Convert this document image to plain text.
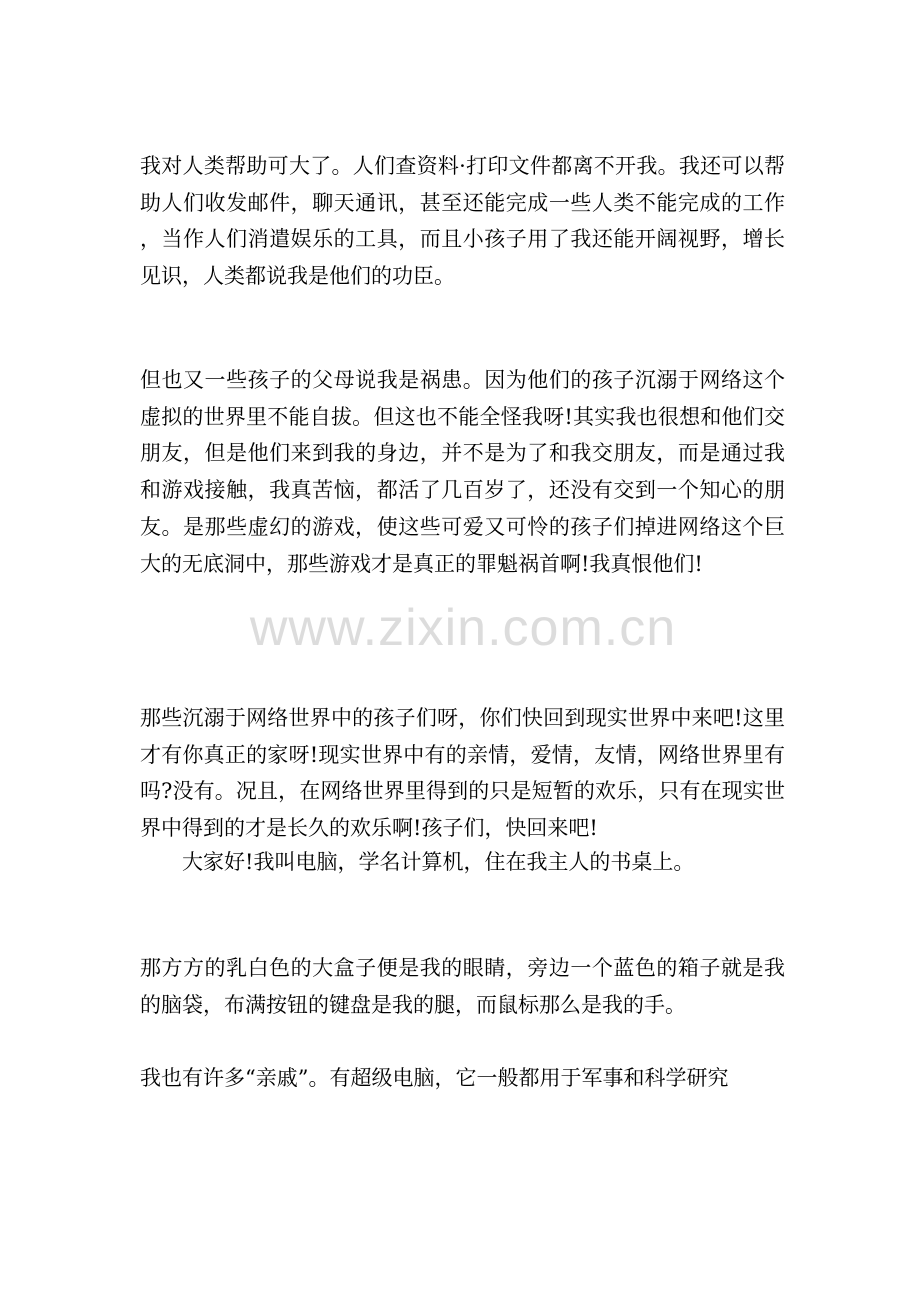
我对人类帮助可大了。人们查资料·打印文件都离不开我。我还可以帮助人们收发邮件，聊天通讯，甚至还能完成一些人类不能完成的工作，当作人们消遣娱乐的工具，而且小孩子用了我还能开阔视野，增长见识，人类都说我是他们的功臣。

但也又一些孩子的父母说我是祸患。因为他们的孩子沉溺于网络这个虚拟的世界里不能自拔。但这也不能全怪我呀!其实我也很想和他们交朋友，但是他们来到我的身边，并不是为了和我交朋友，而是通过我和游戏接触，我真苦恼，都活了几百岁了，还没有交到一个知心的朋友。是那些虚幻的游戏，使这些可爱又可怜的孩子们掉进网络这个巨大的无底洞中，那些游戏才是真正的罪魁祸首啊!我真恨他们!

那些沉溺于网络世界中的孩子们呀，你们快回到现实世界中来吧!这里才有你真正的家呀!现实世界中有的亲情，爱情，友情，网络世界里有吗?没有。况且，在网络世界里得到的只是短暂的欢乐，只有在现实世界中得到的才是长久的欢乐啊!孩子们，快回来吧!

大家好!我叫电脑，学名计算机，住在我主人的书桌上。

那方方的乳白色的大盒子便是我的眼睛，旁边一个蓝色的箱子就是我的脑袋，布满按钮的键盘是我的腿，而鼠标那么是我的手。

我也有许多“亲戚”。有超级电脑，它一般都用于军事和科学研究

www.zixin.com.cn
